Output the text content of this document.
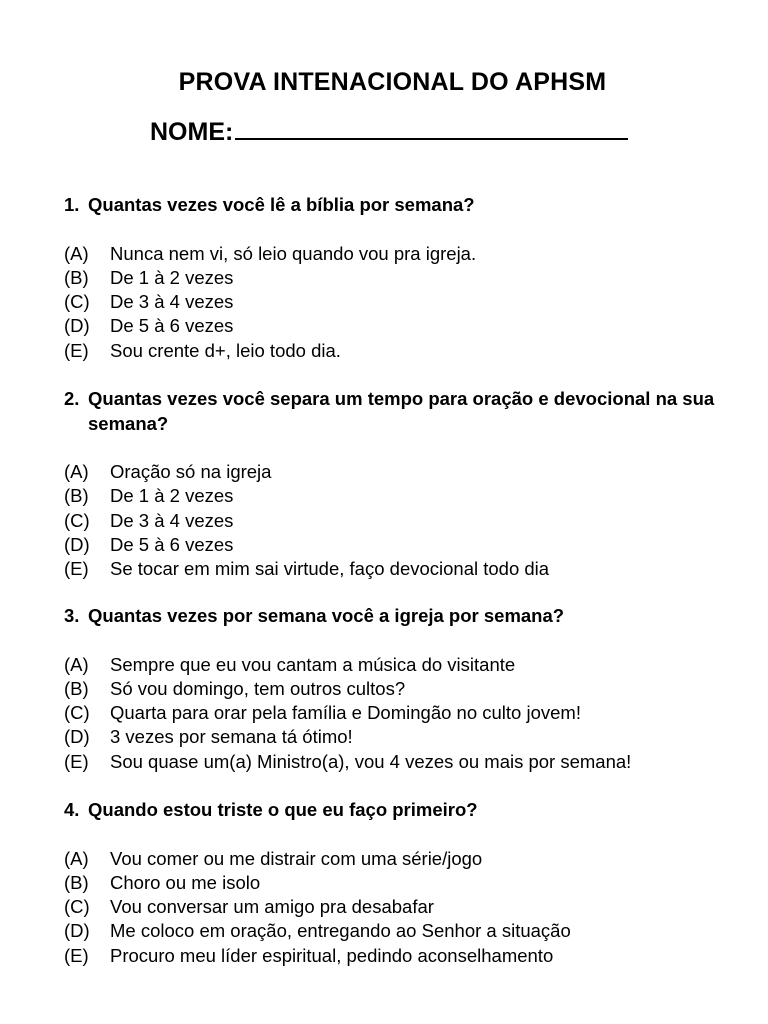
PROVA INTENACIONAL DO APHSM
NOME:
1. Quantas vezes você lê a bíblia por semana?
(A)	Nunca nem vi, só leio quando vou pra igreja.
(B)	De 1 à 2 vezes
(C)	De 3 à 4 vezes
(D)	De 5 à 6 vezes
(E)	Sou crente d+, leio todo dia.
2. Quantas vezes você separa um tempo para oração e devocional na sua semana?
(A)	Oração só na igreja
(B)	De 1 à 2 vezes
(C)	De 3 à 4 vezes
(D)	De 5 à 6 vezes
(E)	Se tocar em mim sai virtude, faço devocional todo dia
3. Quantas vezes por semana você a igreja por semana?
(A)	Sempre que eu vou cantam a música do visitante
(B)	Só vou domingo, tem outros cultos?
(C)	Quarta para orar pela família e Domingão no culto jovem!
(D)	3 vezes por semana tá ótimo!
(E)	Sou quase um(a) Ministro(a), vou 4 vezes ou mais por semana!
4. Quando estou triste o que eu faço primeiro?
(A)	Vou comer ou me distrair com uma série/jogo
(B)	Choro ou me isolo
(C)	Vou conversar um amigo pra desabafar
(D)	Me coloco em oração, entregando ao Senhor a situação
(E)	Procuro meu líder espiritual, pedindo aconselhamento
